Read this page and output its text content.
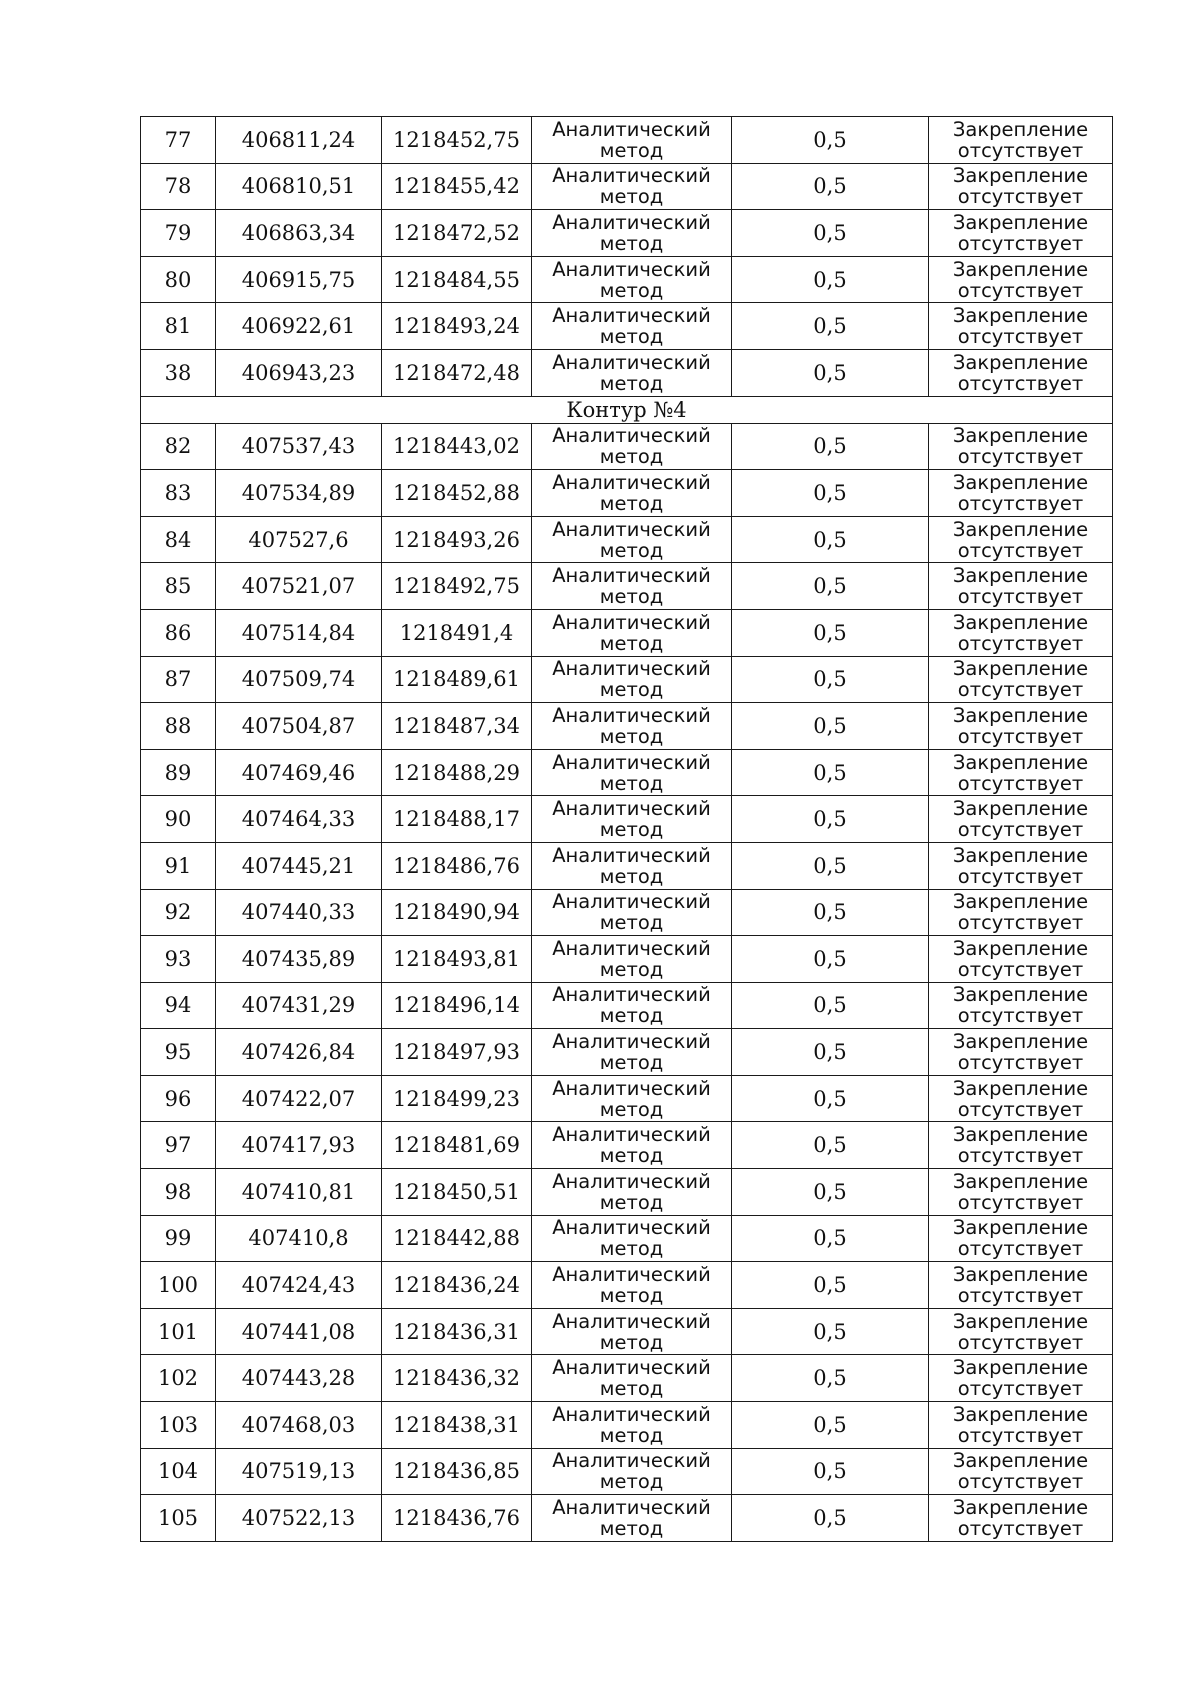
77	406811,24	1218452,75	Аналитический
метод	0,5	Закрепление
отсутствует

78	406810,51	1218455,42	Аналитический
метод	0,5	Закрепление
отсутствует

79	406863,34	1218472,52	Аналитический
метод	0,5	Закрепление
отсутствует

80	406915,75	1218484,55	Аналитический
метод	0,5	Закрепление
отсутствует

81	406922,61	1218493,24	Аналитический
метод	0,5	Закрепление
отсутствует

38	406943,23	1218472,48	Аналитический
метод	0,5	Закрепление
отсутствует

Контур №4					
82	407537,43	1218443,02	Аналитический
метод	0,5	Закрепление
отсутствует

83	407534,89	1218452,88	Аналитический
метод	0,5	Закрепление
отсутствует

84	407527,6	1218493,26	Аналитический
метод	0,5	Закрепление
отсутствует

85	407521,07	1218492,75	Аналитический
метод	0,5	Закрепление
отсутствует

86	407514,84	1218491,4	Аналитический
метод	0,5	Закрепление
отсутствует

87	407509,74	1218489,61	Аналитический
метод	0,5	Закрепление
отсутствует

88	407504,87	1218487,34	Аналитический
метод	0,5	Закрепление
отсутствует

89	407469,46	1218488,29	Аналитический
метод	0,5	Закрепление
отсутствует

90	407464,33	1218488,17	Аналитический
метод	0,5	Закрепление
отсутствует

91	407445,21	1218486,76	Аналитический
метод	0,5	Закрепление
отсутствует

92	407440,33	1218490,94	Аналитический
метод	0,5	Закрепление
отсутствует

93	407435,89	1218493,81	Аналитический
метод	0,5	Закрепление
отсутствует

94	407431,29	1218496,14	Аналитический
метод	0,5	Закрепление
отсутствует

95	407426,84	1218497,93	Аналитический
метод	0,5	Закрепление
отсутствует

96	407422,07	1218499,23	Аналитический
метод	0,5	Закрепление
отсутствует

97	407417,93	1218481,69	Аналитический
метод	0,5	Закрепление
отсутствует

98	407410,81	1218450,51	Аналитический
метод	0,5	Закрепление
отсутствует

99	407410,8	1218442,88	Аналитический
метод	0,5	Закрепление
отсутствует

100	407424,43	1218436,24	Аналитический
метод	0,5	Закрепление
отсутствует

101	407441,08	1218436,31	Аналитический
метод	0,5	Закрепление
отсутствует

102	407443,28	1218436,32	Аналитический
метод	0,5	Закрепление
отсутствует

103	407468,03	1218438,31	Аналитический
метод	0,5	Закрепление
отсутствует

104	407519,13	1218436,85	Аналитический
метод	0,5	Закрепление
отсутствует

105	407522,13	1218436,76	Аналитический
метод	0,5	Закрепление
отсутствует
